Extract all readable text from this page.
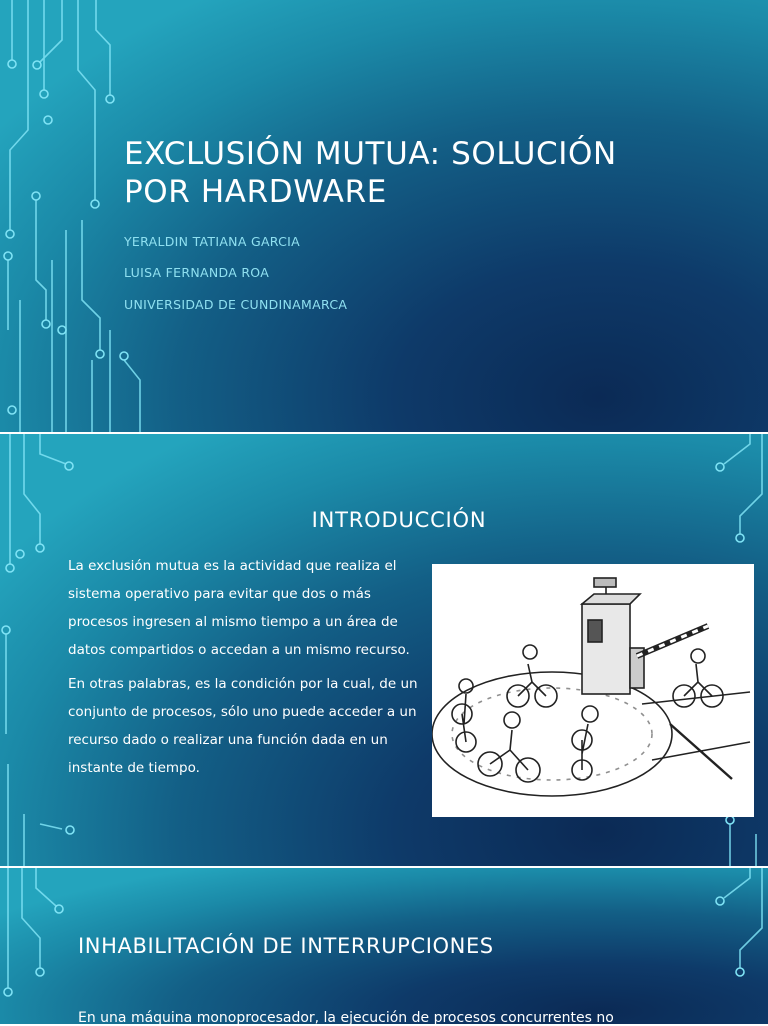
EXCLUSIÓN MUTUA: SOLUCIÓN
POR HARDWARE
YERALDIN TATIANA GARCIA
LUISA FERNANDA ROA
UNIVERSIDAD DE CUNDINAMARCA
INTRODUCCIÓN

La exclusión mutua es la actividad que realiza el sistema operativo para evitar que dos o más procesos ingresen al mismo tiempo a un área de datos compartidos o accedan a un mismo recurso.

En otras palabras, es la condición por la cual, de un conjunto de procesos, sólo uno puede acceder a un recurso dado o realizar una función dada en un instante de tiempo.

INHABILITACIÓN DE INTERRUPCIONES
En una máquina monoprocesador, la ejecución de procesos concurrentes no
